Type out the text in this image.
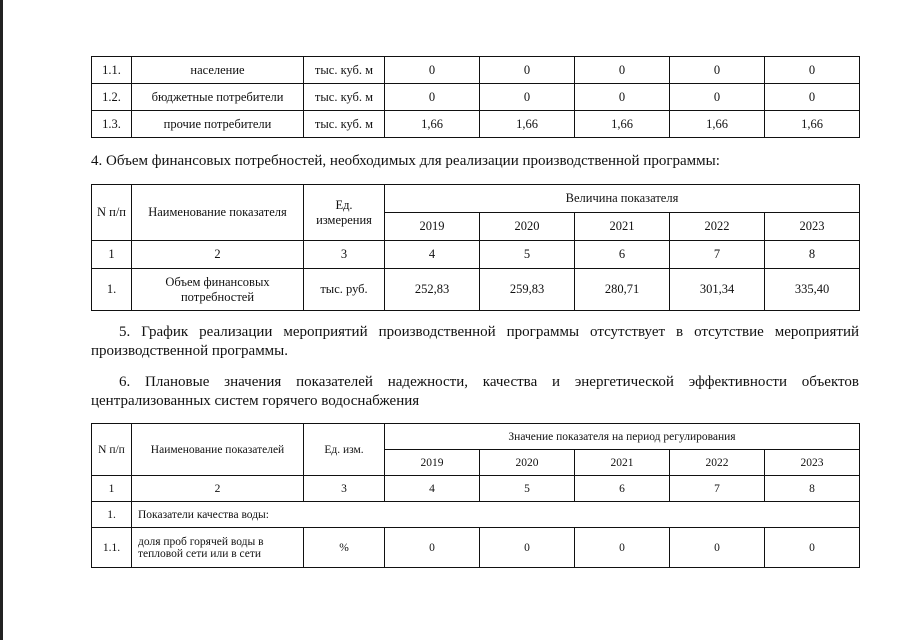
1.1.	население	тыс. куб. м	0	0	0	0	0
1.2.	бюджетные потребители	тыс. куб. м	0	0	0	0	0
1.3.	прочие потребители	тыс. куб. м	1,66	1,66	1,66	1,66	1,66
4. Объем финансовых потребностей, необходимых для реализации производственной программы:
N п/п	Наименование показателя	Ед. измерения	Величина показателя				
			2019	2020	2021	2022	2023
1	2	3	4	5	6	7	8
1.	Объем финансовых потребностей	тыс. руб.	252,83	259,83	280,71	301,34	335,40
5. График реализации мероприятий производственной программы отсутствует в отсутствие мероприятий производственной программы.
6. Плановые значения показателей надежности, качества и энергетической эффективности объектов централизованных систем горячего водоснабжения
N п/п	Наименование показателей	Ед. изм.	Значение показателя на период регулирования				
			2019	2020	2021	2022	2023
1	2	3	4	5	6	7	8
1.	Показатели качества воды:						
1.1.	доля проб горячей воды в тепловой сети или в сети	%	0	0	0	0	0
